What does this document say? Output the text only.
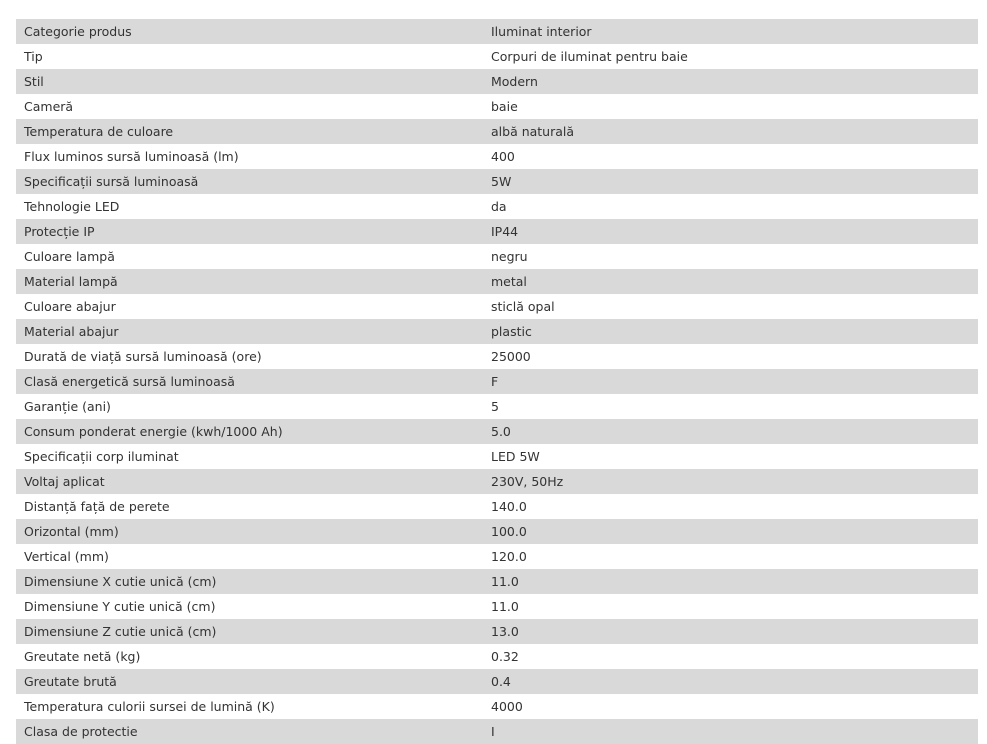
Categorie produs	Iluminat interior
Tip	Corpuri de iluminat pentru baie
Stil	Modern
Cameră	baie
Temperatura de culoare	albă naturală
Flux luminos sursă luminoasă (lm)	400
Specificații sursă luminoasă	5W
Tehnologie LED	da
Protecție IP	IP44
Culoare lampă	negru
Material lampă	metal
Culoare abajur	sticlă opal
Material abajur	plastic
Durată de viață sursă luminoasă (ore)	25000
Clasă energetică sursă luminoasă	F
Garanție (ani)	5
Consum ponderat energie (kwh/1000 Ah)	5.0
Specificații corp iluminat	LED 5W
Voltaj aplicat	230V, 50Hz
Distanță față de perete	140.0
Orizontal (mm)	100.0
Vertical (mm)	120.0
Dimensiune X cutie unică (cm)	11.0
Dimensiune Y cutie unică (cm)	11.0
Dimensiune Z cutie unică (cm)	13.0
Greutate netă (kg)	0.32
Greutate brută	0.4
Temperatura culorii sursei de lumină (K)	4000
Clasa de protectie	I
